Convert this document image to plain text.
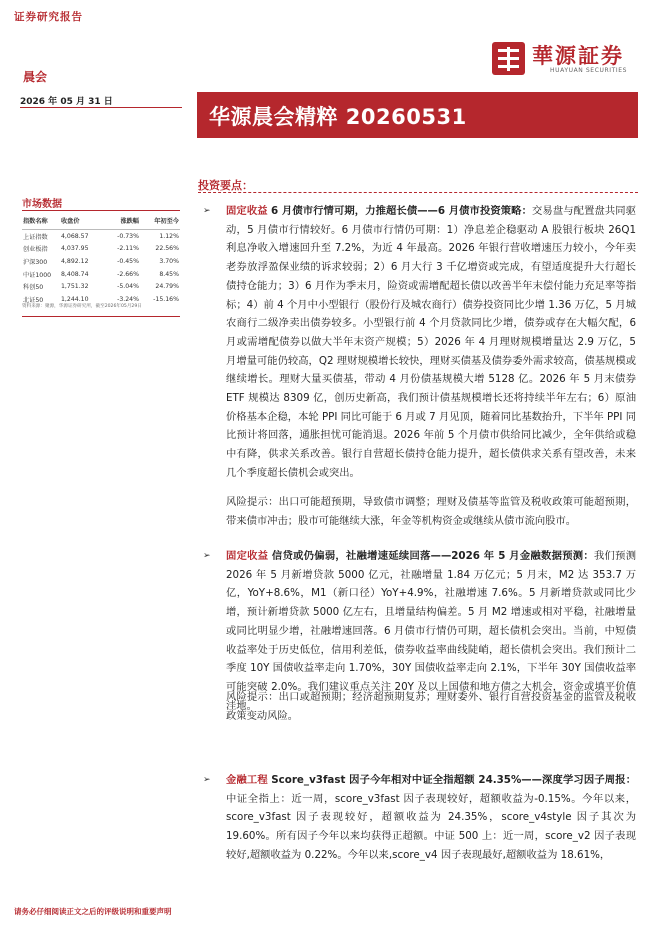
证券研究报告
華源証券
HUAYUAN SECURITIES
晨会
2026 年 05 月 31 日
华源晨会精粹 20260531
市场数据
指数名称	收盘价	涨跌幅	年初至今
上证指数	4,068.57	-0.73%	1.12%
创业板指	4,037.95	-2.11%	22.56%
沪深300	4,892.12	-0.45%	3.70%
中证1000	8,408.74	-2.66%	8.45%
科创50	1,751.32	-5.04%	24.79%
北证50	1,244.10	-3.24%	-15.16%
资料来源：聚源，华源证券研究所，截至2026年05月29日
投资要点：
➢ 固定收益 6 月债市行情可期，力推超长债——6 月债市投资策略：交易盘与配置盘共同驱动，5 月债市行情较好。6 月债市行情仍可期：1）净息差企稳驱动 A 股银行板块 26Q1 利息净收入增速回升至 7.2%，为近 4 年最高。2026 年银行营收增速压力较小，今年卖老券放浮盈保业绩的诉求较弱；2）6 月大行 3 千亿增资或完成，有望适度提升大行超长债持仓能力；3）6 月作为季末月，险资或需增配超长债以改善半年末偿付能力充足率等指标；4）前 4 个月中小型银行（股份行及城农商行）债券投资同比少增 1.36 万亿，5 月城农商行二级净卖出债券较多。小型银行前 4 个月贷款同比少增，债券或存在大幅欠配，6 月或需增配债券以做大半年末资产规模；5）2026 年 4 月理财规模增量达 2.9 万亿，5 月增量可能仍较高，Q2 理财规模增长较快，理财买债基及债券委外需求较高，债基规模或继续增长。理财大量买债基，带动 4 月份债基规模大增 5128 亿。2026 年 5 月末债券 ETF 规模达 8309 亿，创历史新高，我们预计债基规模增长还将持续半年左右；6）原油价格基本企稳，本轮 PPI 同比可能于 6 月或 7 月见顶，随着同比基数抬升，下半年 PPI 同比预计将回落，通胀担忧可能消退。2026 年前 5 个月债市供给同比减少，全年供给或稳中有降，供求关系改善。银行自营超长债持仓能力提升，超长债供求关系有望改善，未来几个季度超长债机会或突出。
风险提示：出口可能超预期，导致债市调整；理财及债基等监管及税收政策可能超预期，带来债市冲击；股市可能继续大涨，年金等机构资金或继续从债市流向股市。
➢ 固定收益 信贷或仍偏弱，社融增速延续回落——2026 年 5 月金融数据预测：我们预测 2026 年 5 月新增贷款 5000 亿元，社融增量 1.84 万亿元；5 月末，M2 达 353.7 万亿，YoY+8.6%，M1（新口径）YoY+4.9%，社融增速 7.6%。5 月新增贷款或同比少增，预计新增贷款 5000 亿左右，且增量结构偏差。5 月 M2 增速或相对平稳，社融增量或同比明显少增，社融增速回落。6 月债市行情仍可期，超长债机会突出。当前，中短债收益率处于历史低位，信用利差低，债券收益率曲线陡峭，超长债机会突出。我们预计二季度 10Y 国债收益率走向 1.70%，30Y 国债收益率走向 2.1%，下半年 30Y 国债收益率可能突破 2.0%。我们建议重点关注 20Y 及以上国债和地方债之大机会，资金或填平价值洼地。
风险提示：出口或超预期；经济超预期复苏；理财委外、银行自营投资基金的监管及税收政策变动风险。
➢ 金融工程 Score_v3fast 因子今年相对中证全指超额 24.35%——深度学习因子周报：中证全指上：近一周，score_v3fast 因子表现较好，超额收益为-0.15%。今年以来，score_v3fast 因子表现较好，超额收益为 24.35%，score_v4style 因子其次为 19.60%。所有因子今年以来均获得正超额。中证 500 上：近一周，score_v2 因子表现较好,超额收益为 0.22%。今年以来,score_v4 因子表现最好,超额收益为 18.61%，
请务必仔细阅读正文之后的评级说明和重要声明
